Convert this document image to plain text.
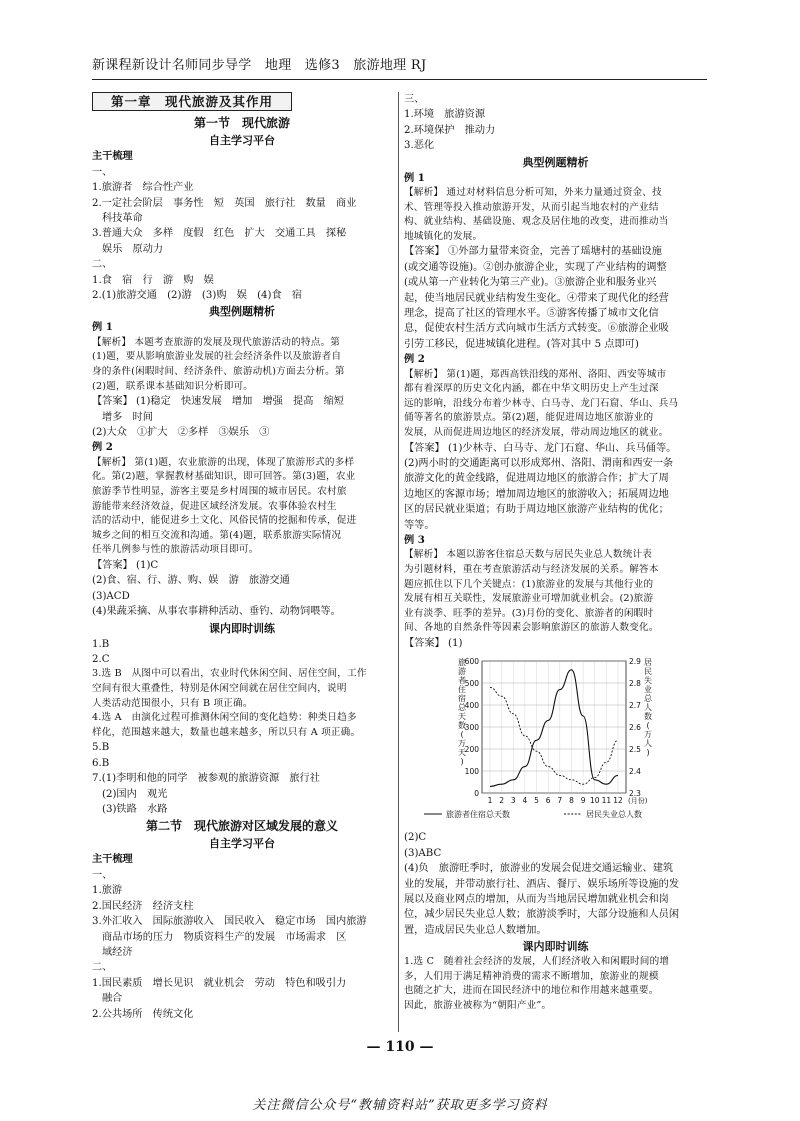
新课程新设计名师同步导学　地理　选修3　旅游地理 RJ
第一章　现代旅游及其作用
第一节　现代旅游
自主学习平台
主干梳理
一、
1.旅游者　综合性产业
2.一定社会阶层　事务性　短　英国　旅行社　数量　商业
科技革命
3.普通大众　多样　度假　红色　扩大　交通工具　探秘
娱乐　原动力
二、
1.食　宿　行　游　购　娱
2.(1)旅游交通　(2)游　(3)购　娱　(4)食　宿
典型例题精析
例 1
【解析】 本题考查旅游的发展及现代旅游活动的特点。第
(1)题，要从影响旅游业发展的社会经济条件以及旅游者自
身的条件(闲暇时间、经济条件、旅游动机)方面去分析。第
(2)题，联系课本基础知识分析即可。
【答案】 (1)稳定　快速发展　增加　增强　提高　缩短
增多　时间
(2)大众　①扩大　②多样　③娱乐　③
例 2
【解析】 第(1)题，农业旅游的出现，体现了旅游形式的多样
化。第(2)题，掌握教材基础知识，即可回答。第(3)题，农业
旅游季节性明显，游客主要是乡村周围的城市居民。农村旅
游能带来经济效益，促进区域经济发展。农事体验农村生
活的活动中，能促进乡土文化、风俗民情的挖掘和传承，促进
城乡之间的相互交流和沟通。第(4)题，联系旅游实际情况
任举几例参与性的旅游活动项目即可。
【答案】 (1)C
(2)食、宿、行、游、购、娱　游　旅游交通
(3)ACD
(4)果蔬采摘、从事农事耕种活动、垂钓、动物饲喂等。
课内即时训练
1.B
2.C
3.选 B　从图中可以看出，农业时代休闲空间、居住空间，工作
空间有很大重叠性，特别是休闲空间就在居住空间内，说明
人类活动范围很小，只有 B 项正确。
4.选 A　由演化过程可推测休闲空间的变化趋势：种类日趋多
样化，范围越来越大，数量也越来越多，所以只有 A 项正确。
5.B
6.B
7.(1)李明和他的同学　被参观的旅游资源　旅行社
(2)国内　观光
(3)铁路　水路
第二节　现代旅游对区域发展的意义
自主学习平台
主干梳理
一、
1.旅游
2.国民经济　经济支柱
3.外汇收入　国际旅游收入　国民收入　稳定市场　国内旅游
商品市场的压力　物质资料生产的发展　市场需求　区
域经济
二、
1.国民素质　增长见识　就业机会　劳动　特色和吸引力
融合
2.公共场所　传统文化
三、
1.环境　旅游资源
2.环境保护　推动力
3.恶化
典型例题精析
例 1
【解析】 通过对材料信息分析可知，外来力量通过资金、技
术、管理等投入推动旅游开发，从而引起当地农村的产业结
构、就业结构、基础设施、观念及居住地的改变，进而推动当
地城镇化的发展。
【答案】 ①外部力量带来资金，完善了瑶塘村的基础设施
(或交通等设施)。②创办旅游企业，实现了产业结构的调整
(或从第一产业转化为第三产业)。③旅游企业和服务业兴
起，使当地居民就业结构发生变化。④带来了现代化的经营
理念，提高了社区的管理水平。⑤游客传播了城市文化信
息，促使农村生活方式向城市生活方式转变。⑥旅游企业吸
引劳工移民，促进城镇化进程。(答对其中 5 点即可)
例 2
【解析】 第(1)题，郑西高铁沿线的郑州、洛阳、西安等城市
都有着深厚的历史文化内涵，都在中华文明历史上产生过深
远的影响，沿线分布着少林寺、白马寺、龙门石窟、华山、兵马
俑等著名的旅游景点。第(2)题，能促进周边地区旅游业的
发展，从而促进周边地区的经济发展，带动周边地区的就业。
【答案】 (1)少林寺、白马寺、龙门石窟、华山、兵马俑等。
(2)两小时的交通距离可以形成郑州、洛阳、渭南和西安一条
旅游文化的黄金线路，促进周边地区的旅游合作；扩大了周
边地区的客源市场；增加周边地区的旅游收入；拓展周边地
区的居民就业渠道；有助于周边地区旅游产业结构的优化；
等等。
例 3
【解析】 本题以游客住宿总天数与居民失业总人数统计表
为引题材料，重在考查旅游活动与经济发展的关系。解答本
题应抓住以下几个关键点：(1)旅游业的发展与其他行业的
发展有相互关联性，发展旅游业可增加就业机会。(2)旅游
业有淡季、旺季的差异。(3)月份的变化、旅游者的闲暇时
间、各地的自然条件等因素会影响旅游区的旅游人数变化。
【答案】 (1)
600
500
400
300
200
100
0
2.9
2.8
2.7
2.6
2.5
2.4
2.3
1 2 3 4 5 6 7 8 9 10 11 12 (月份)
旅游者住宿总天数(万天)
居民失业总人数(万人)
旅游者住宿总天数	居民失业总人数
(2)C
(3)ABC
(4)负　旅游旺季时，旅游业的发展会促进交通运输业、建筑
业的发展，并带动旅行社、酒店、餐厅、娱乐场所等设施的发
展以及商业网点的增加，从而为当地居民增加就业机会和岗
位，减少居民失业总人数；旅游淡季时，大部分设施和人员闲
置，造成居民失业总人数增加。
课内即时训练
1.选 C　随着社会经济的发展，人们经济收入和闲暇时间的增
多，人们用于满足精神消费的需求不断增加，旅游业的规模
也随之扩大，进而在国民经济中的地位和作用越来越重要。
因此，旅游业被称为“朝阳产业”。
— 110 —
关注微信公众号“教辅资料站”获取更多学习资料
